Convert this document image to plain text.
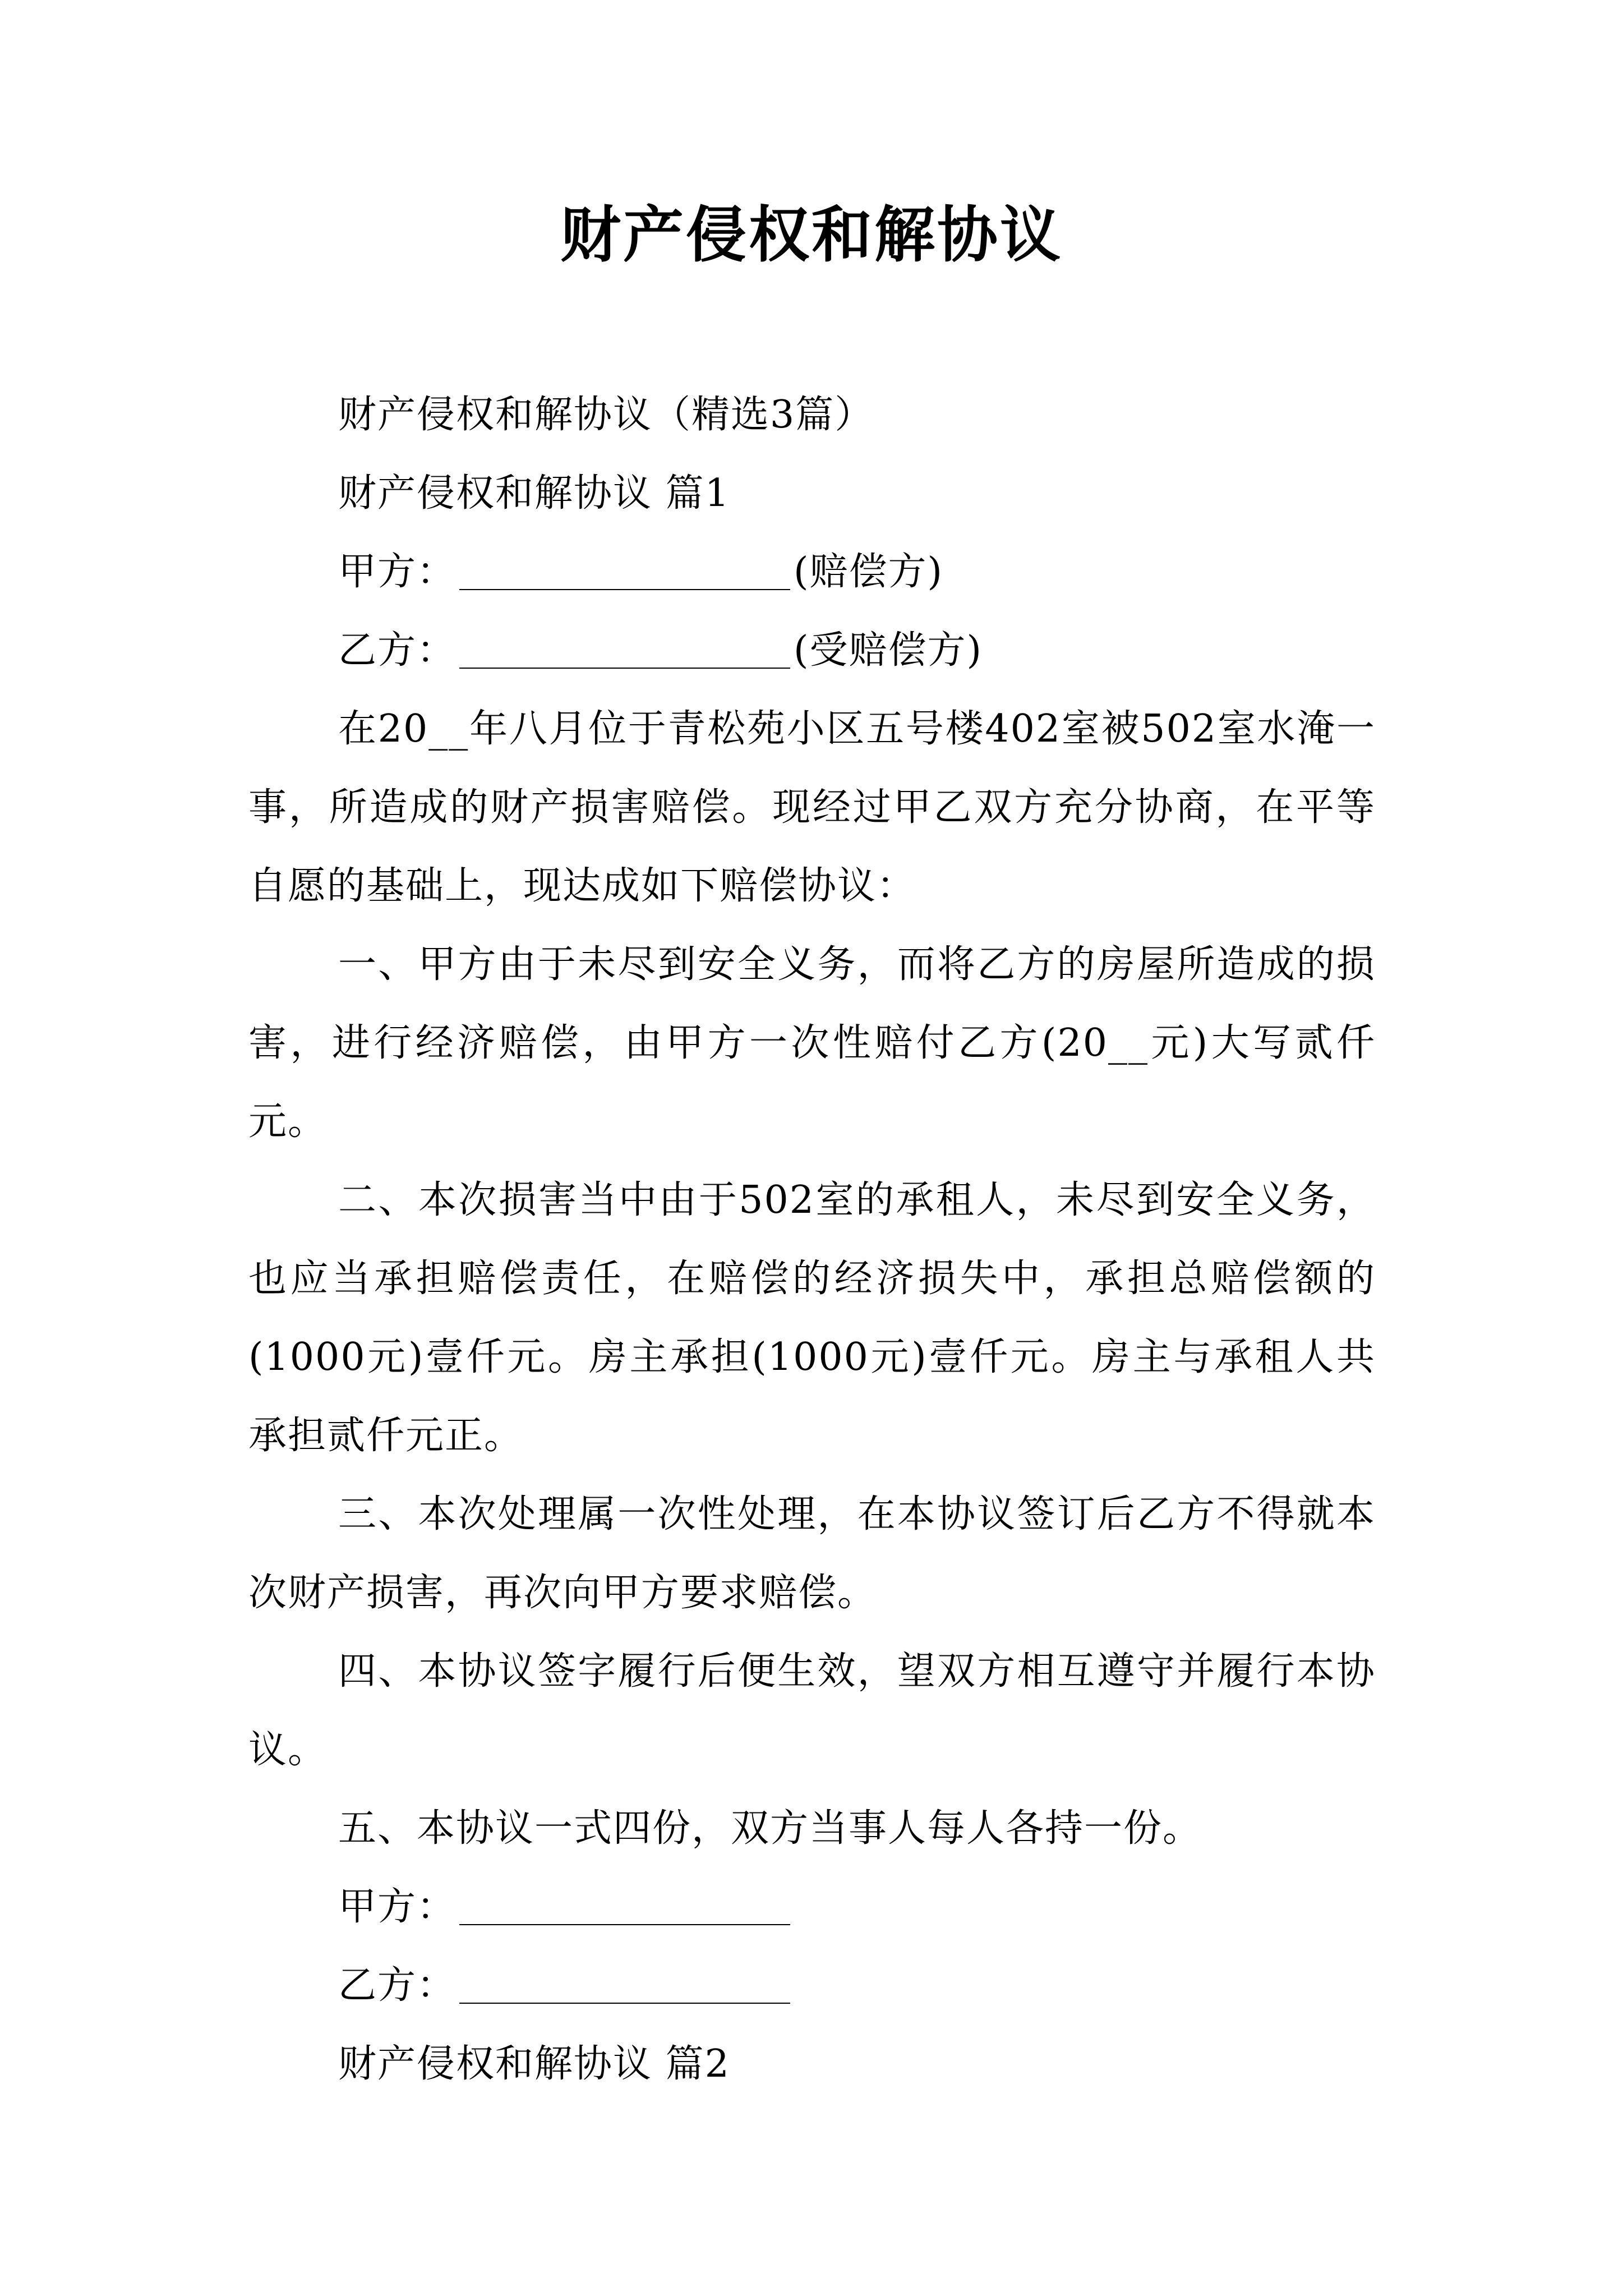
财产侵权和解协议

财产侵权和解协议（精选3篇）

财产侵权和解协议 篇1

甲方：	(赔偿方)

乙方：	(受赔偿方)

在20__年八月位于青松苑小区五号楼402室被502室水淹一事，所造成的财产损害赔偿。现经过甲乙双方充分协商，在平等自愿的基础上，现达成如下赔偿协议：

一、甲方由于未尽到安全义务，而将乙方的房屋所造成的损害，进行经济赔偿，由甲方一次性赔付乙方(20__元)大写贰仟元。

二、本次损害当中由于502室的承租人，未尽到安全义务，也应当承担赔偿责任，在赔偿的经济损失中，承担总赔偿额的(1000元)壹仟元。房主承担(1000元)壹仟元。房主与承租人共承担贰仟元正。

三、本次处理属一次性处理，在本协议签订后乙方不得就本次财产损害，再次向甲方要求赔偿。

四、本协议签字履行后便生效，望双方相互遵守并履行本协议。

五、本协议一式四份，双方当事人每人各持一份。

甲方：

乙方：

财产侵权和解协议 篇2
